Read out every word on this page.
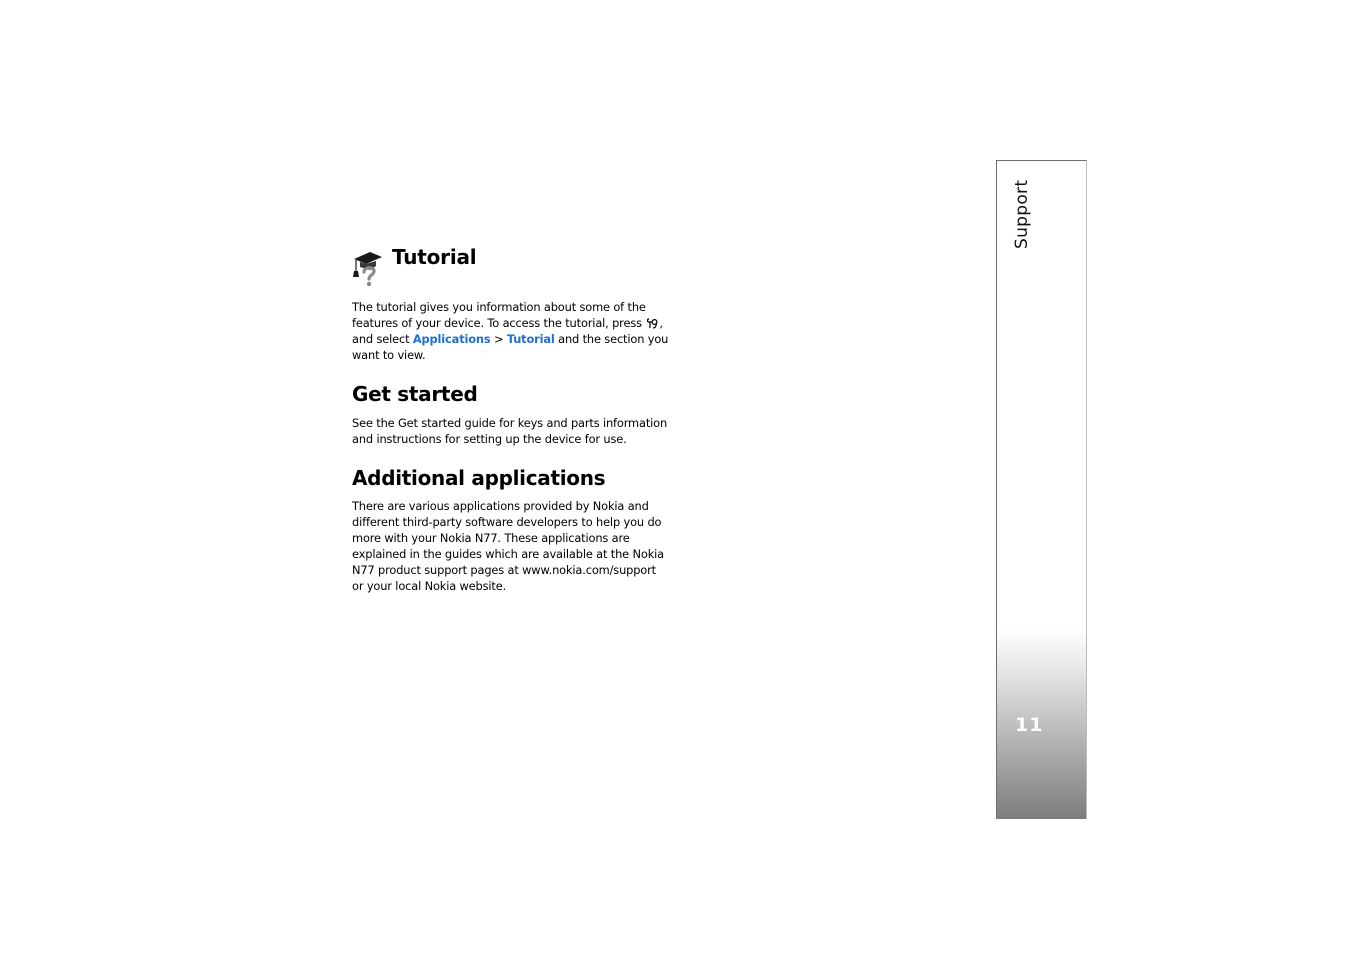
Tutorial

The tutorial gives you information about some of the features of your device. To access the tutorial, press , and select Applications > Tutorial and the section you want to view.

Get started

See the Get started guide for keys and parts information and instructions for setting up the device for use.

Additional applications

There are various applications provided by Nokia and different third-party software developers to help you do more with your Nokia N77. These applications are explained in the guides which are available at the Nokia N77 product support pages at www.nokia.com/support or your local Nokia website.

Support
11
